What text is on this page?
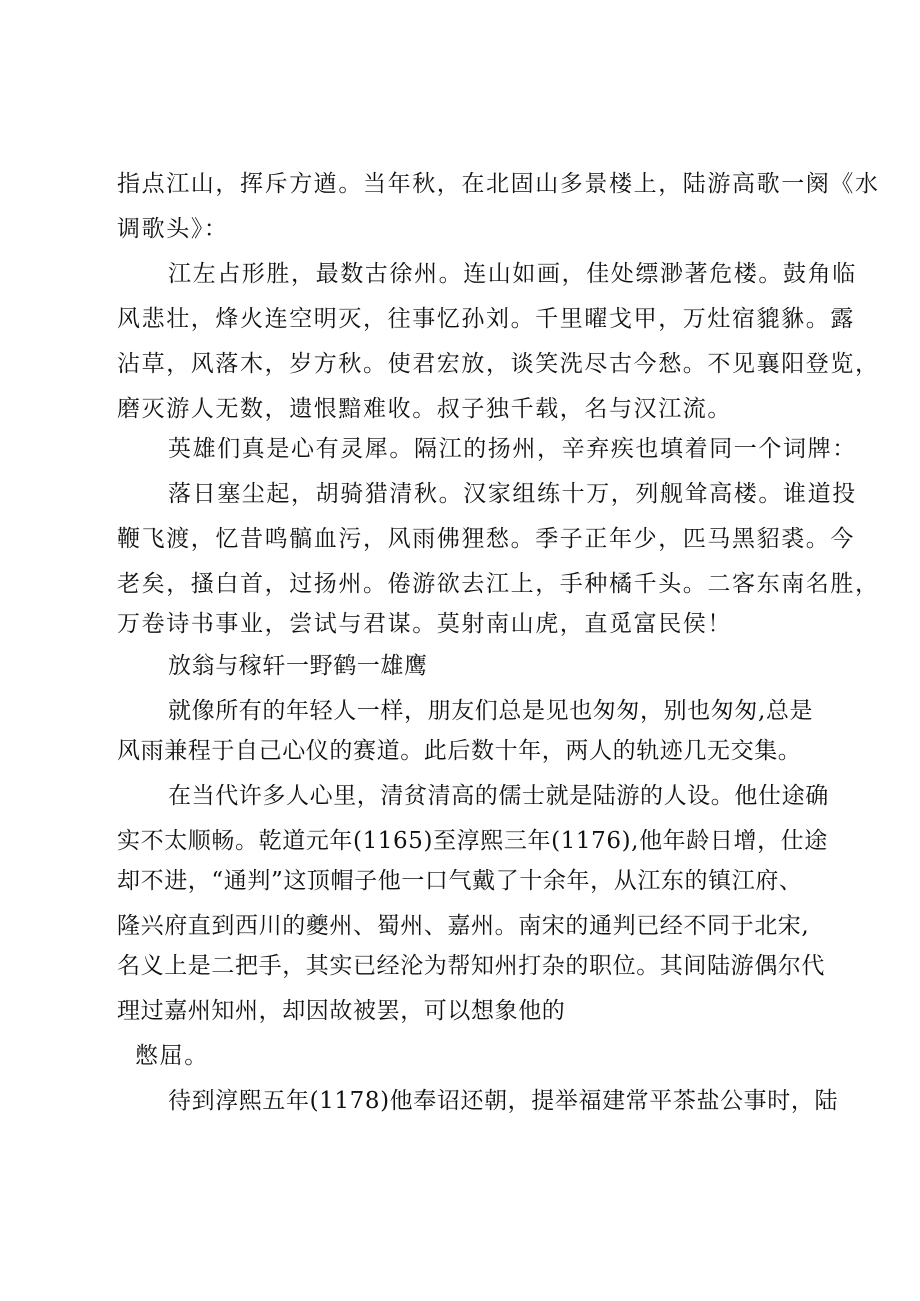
指点江山，挥斥方遒。当年秋，在北固山多景楼上，陆游高歌一阕《水
调歌头》：
江左占形胜，最数古徐州。连山如画，佳处缥渺著危楼。鼓角临
风悲壮，烽火连空明灭，往事忆孙刘。千里曜戈甲，万灶宿貔貅。露
沾草，风落木，岁方秋。使君宏放，谈笑洗尽古今愁。不见襄阳登览，
磨灭游人无数，遗恨黯难收。叔子独千载，名与汉江流。
英雄们真是心有灵犀。隔江的扬州，辛弃疾也填着同一个词牌：
落日塞尘起，胡骑猎清秋。汉家组练十万，列舰耸高楼。谁道投
鞭飞渡，忆昔鸣髇血污，风雨佛狸愁。季子正年少，匹马黑貂裘。今
老矣，搔白首，过扬州。倦游欲去江上，手种橘千头。二客东南名胜，
万卷诗书事业，尝试与君谋。莫射南山虎，直觅富民侯！
放翁与稼轩一野鹤一雄鹰
就像所有的年轻人一样，朋友们总是见也匆匆，别也匆匆,总是
风雨兼程于自己心仪的赛道。此后数十年，两人的轨迹几无交集。
在当代许多人心里，清贫清高的儒士就是陆游的人设。他仕途确
实不太顺畅。乾道元年(1165)至淳熙三年(1176),他年龄日增，仕途
却不进，“通判”这顶帽子他一口气戴了十余年，从江东的镇江府、
隆兴府直到西川的夔州、蜀州、嘉州。南宋的通判已经不同于北宋,
名义上是二把手，其实已经沦为帮知州打杂的职位。其间陆游偶尔代
理过嘉州知州，却因故被罢，可以想象他的
憋屈。
待到淳熙五年(1178)他奉诏还朝，提举福建常平茶盐公事时，陆
